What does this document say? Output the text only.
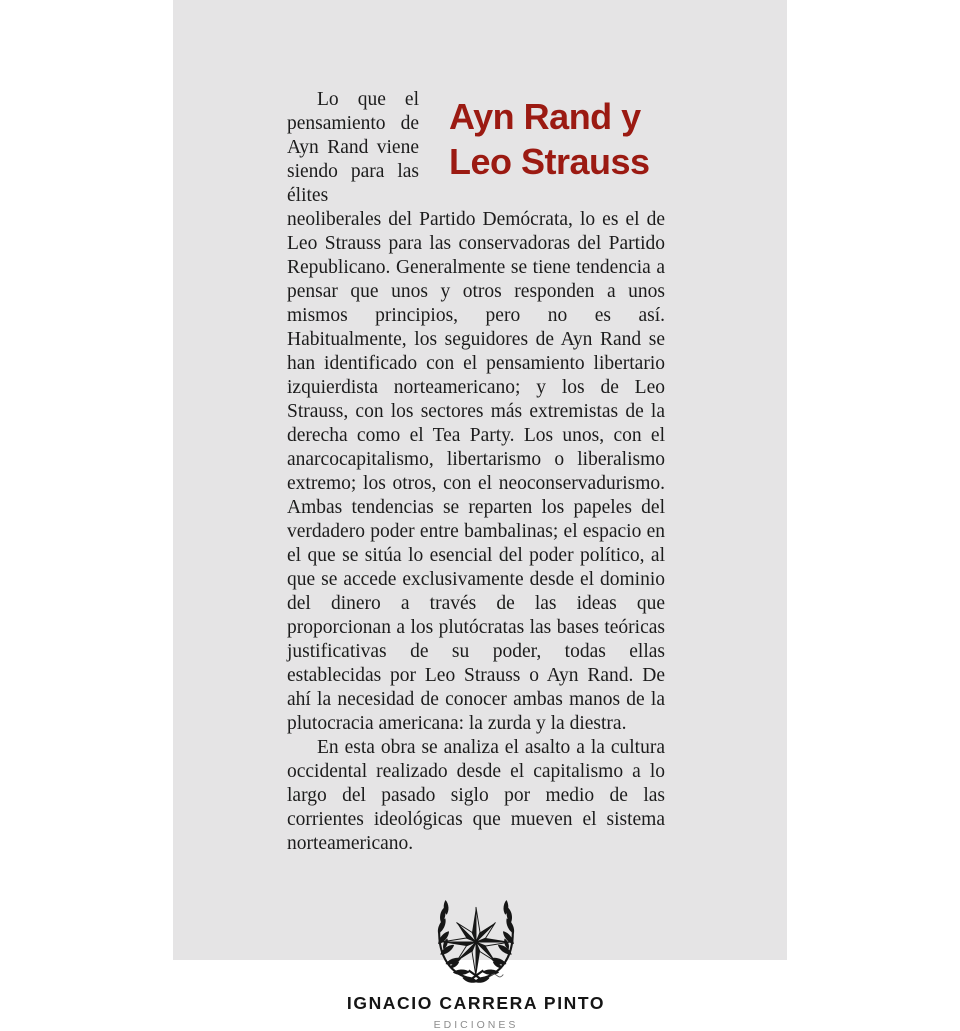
Ayn Rand y
Leo Strauss

Lo que el pensamiento de Ayn Rand viene siendo para las élites neoliberales del Partido Demócrata, lo es el de Leo Strauss para las conservadoras del Partido Republicano. Generalmente se tiene tendencia a pensar que unos y otros responden a unos mismos principios, pero no es así. Habitualmente, los seguidores de Ayn Rand se han identificado con el pensamiento libertario izquierdista norteamericano; y los de Leo Strauss, con los sectores más extremistas de la derecha como el Tea Party. Los unos, con el anarcocapitalismo, libertarismo o liberalismo extremo; los otros, con el neoconservadurismo. Ambas tendencias se reparten los papeles del verdadero poder entre bambalinas; el espacio en el que se sitúa lo esencial del poder político, al que se accede exclusivamente desde el dominio del dinero a través de las ideas que proporcionan a los plutócratas las bases teóricas justificativas de su poder, todas ellas establecidas por Leo Strauss o Ayn Rand. De ahí la necesidad de conocer ambas manos de la plutocracia americana: la zurda y la diestra.

En esta obra se analiza el asalto a la cultura occidental realizado desde el capitalismo a lo largo del pasado siglo por medio de las corrientes ideológicas que mueven el sistema norteamericano.

IGNACIO CARRERA PINTO
EDICIONES
